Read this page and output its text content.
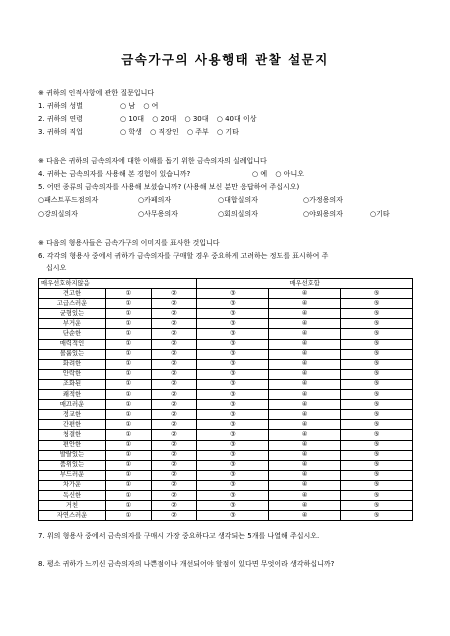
금속가구의 사용행태 관찰 설문지
※ 귀하의 인적사항에 관한 질문입니다
1. 귀하의 성별	○ 남 ○ 여
2. 귀하의 연령	○ 10대 ○ 20대 ○ 30대 ○ 40대 이상
3. 귀하의 직업	○ 학생 ○ 직장인 ○ 주부 ○ 기타
※ 다음은 귀하의 금속의자에 대한 이해를 돕기 위한 금속의자의 실례입니다
4. 귀하는 금속의자를 사용해 본 경험이 있습니까?	○ 예 ○ 아니오
5. 어떤 종류의 금속의자를 사용해 보셨습니까? (사용해 보신 분만 응답하여 주십시오)
○패스트푸드점의자	○카페의자	○대합실의자	○가정용의자
○강의실의자	○사무용의자	○회의실의자	○야외용의자	○기타
※ 다음의 형용사들은 금속가구의 이미지를 표사한 것입니다
6. 각각의 형용사 중에서 귀하가 금속의자를 구매할 경우 중요하게 고려하는 정도를 표시하여 주
십시오
매우선호하지않음			매우선호함		
견고한	①	②	③	④	⑤
고급스러운	①	②	③	④	⑤
균형있는	①	②	③	④	⑤
부거운	①	②	③	④	⑤
단순한	①	②	③	④	⑤
매력적인	①	②	③	④	⑤
볼륨있는	①	②	③	④	⑤
화려한	①	②	③	④	⑤
안락한	①	②	③	④	⑤
조화된	①	②	③	④	⑤
쾌적한	①	②	③	④	⑤
매끄러운	①	②	③	④	⑤
정교한	①	②	③	④	⑤
간편한	①	②	③	④	⑤
청결한	①	②	③	④	⑤
편안한	①	②	③	④	⑤
발랄있는	①	②	③	④	⑤
품위있는	①	②	③	④	⑤
부드러운	①	②	③	④	⑤
차가운	①	②	③	④	⑤
독신한	①	②	③	④	⑤
거친	①	②	③	④	⑤
자연스러운	①	②	③	④	⑤
7. 위의 형용사 중에서 금속의자를 구매시 가장 중요하다고 생각되는 5개를 나열해 주십시오.
8. 평소 귀하가 느끼신 금속의자의 나쁜점이나 개선되어야 할점이 있다면 무엇이라 생각하십니까?
